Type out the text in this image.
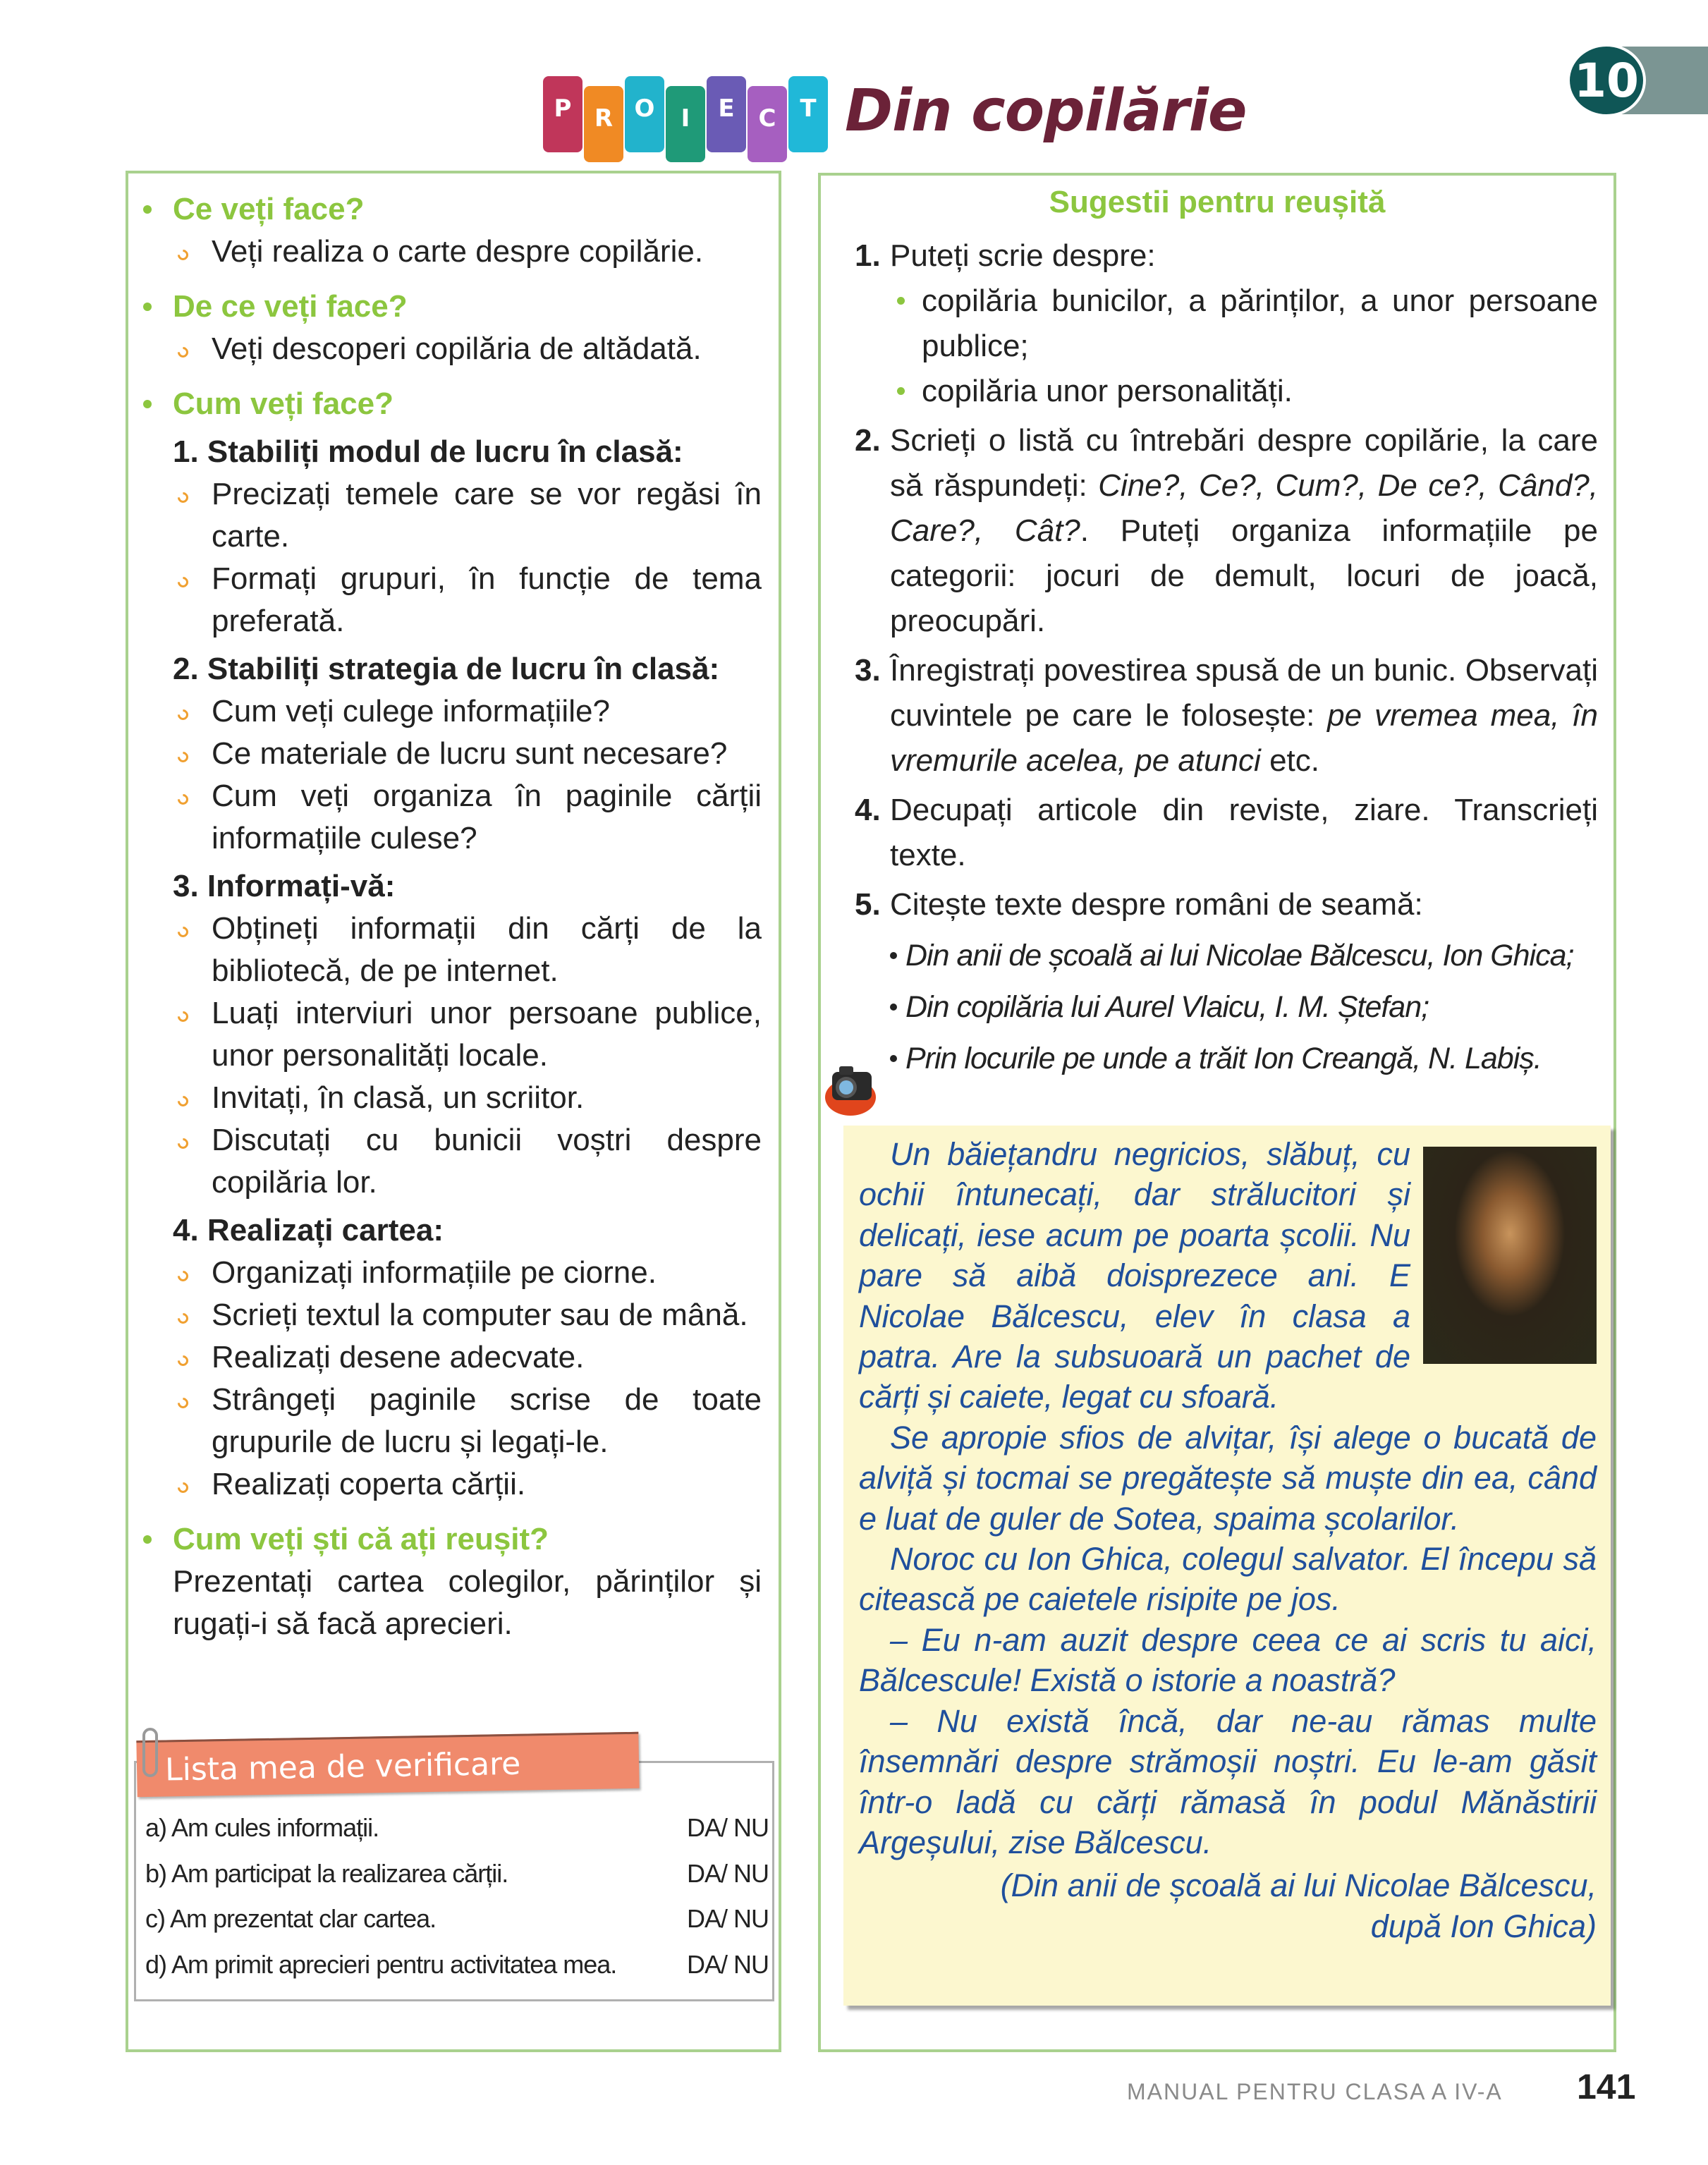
P R O	I	E C T Din copilărie	10
Ce veți face?
Veți realiza o carte despre copilărie.
De ce veți face?
Veți descoperi copilăria de altădată.
Cum veți face?
1. Stabiliți modul de lucru în clasă:
Precizați temele care se vor regăsi în carte.
Formați grupuri, în funcție de tema preferată.
2. Stabiliți strategia de lucru în clasă:
Cum veți culege informațiile?
Ce materiale de lucru sunt necesare?
Cum veți organiza în paginile cărții informațiile culese?
3. Informați-vă:
Obțineți informații din cărți de la bibliotecă, de pe internet.
Luați interviuri unor persoane publice, unor personalități locale.
Invitați, în clasă, un scriitor.
Discutați cu bunicii voștri despre copilăria lor.
4. Realizați cartea:
Organizați informațiile pe ciorne.
Scrieți textul la computer sau de mână.
Realizați desene adecvate.
Strângeți paginile scrise de toate grupurile de lucru și legați-le.
Realizați coperta cărții.
Cum veți ști că ați reușit?
Prezentați cartea colegilor, părinților și rugați-i să facă aprecieri.
Lista mea de verificare
a) Am cules informații.	DA/ NU
b) Am participat la realizarea cărții.	DA/ NU
c) Am prezentat clar cartea.	DA/ NU
d) Am primit aprecieri pentru activitatea mea.	DA/ NU
Sugestii pentru reușită
1. Puteți scrie despre:
copilăria bunicilor, a părinților, a unor persoane publice;
copilăria unor personalități.
2. Scrieți o listă cu întrebări despre copilărie, la care să răspundeți: Cine?, Ce?, Cum?, De ce?, Când?, Care?, Cât?. Puteți organiza informațiile pe categorii: jocuri de demult, locuri de joacă, preocupări.
3. Înregistrați povestirea spusă de un bunic. Observați cuvintele pe care le folosește: pe vremea mea, în vremurile acelea, pe atunci etc.
4. Decupați articole din reviste, ziare. Transcrieți texte.
5. Citește texte despre români de seamă:
Din anii de școală ai lui Nicolae Bălcescu, Ion Ghica;
Din copilăria lui Aurel Vlaicu, I. M. Ștefan;
Prin locurile pe unde a trăit Ion Creangă, N. Labiș.

Un băiețandru negricios, slăbuț, cu ochii întunecați, dar strălucitori și delicați, iese acum pe poarta școlii. Nu pare să aibă doisprezece ani. E Nicolae Bălcescu, elev în clasa a patra. Are la subsuoară un pachet de cărți și caiete, legat cu sfoară.

Se apropie sfios de alvițar, își alege o bucată de alviță și tocmai se pregătește să muște din ea, când e luat de guler de Sotea, spaima școlarilor.

Noroc cu Ion Ghica, colegul salvator. El începu să citească pe caietele risipite pe jos.

– Eu n-am auzit despre ceea ce ai scris tu aici, Bălcescule! Există o istorie a noastră?

– Nu există încă, dar ne-au rămas multe însemnări despre strămoșii noștri. Eu le-am găsit într-o ladă cu cărți rămasă în podul Mănăstirii Argeșului, zise Bălcescu.

(Din anii de școală ai lui Nicolae Bălcescu,
după Ion Ghica)

MANUAL PENTRU CLASA A IV-A 141
